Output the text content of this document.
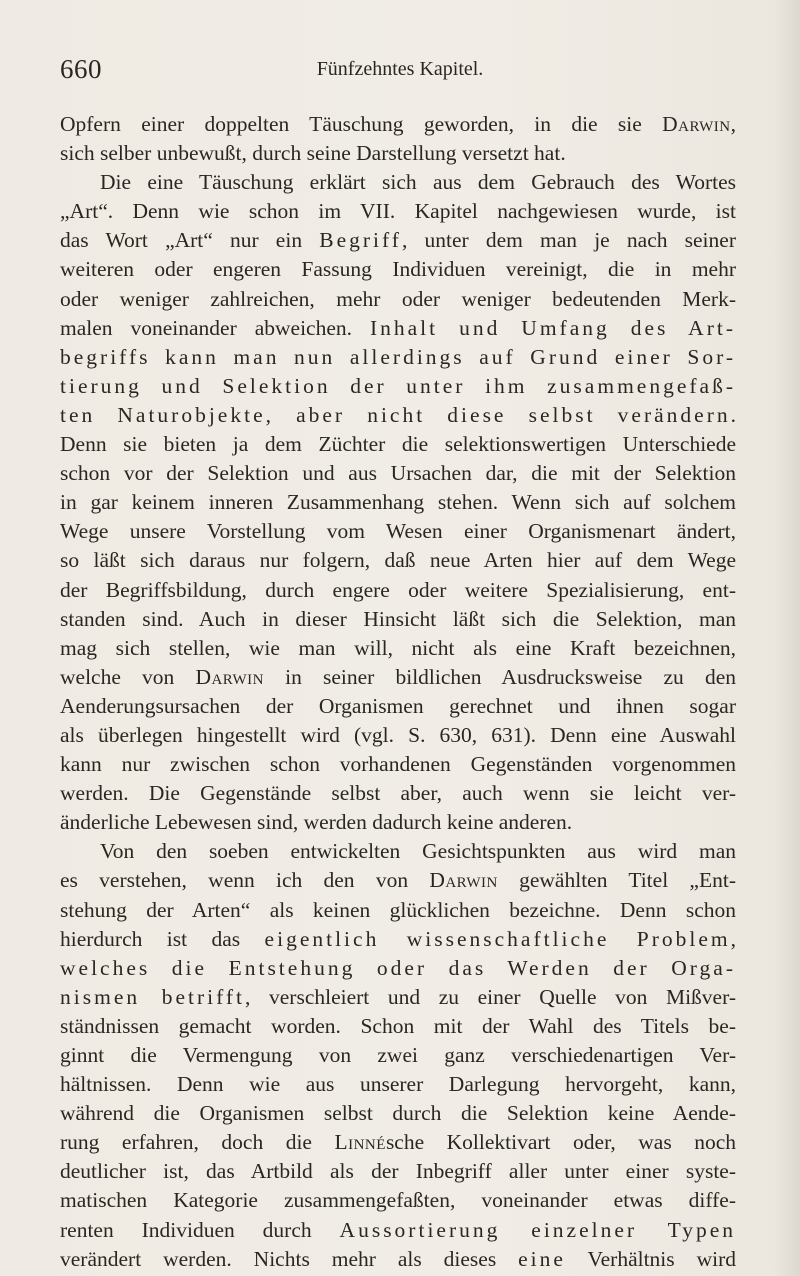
660	Fünfzehntes Kapitel.
Opfern einer doppelten Täuschung geworden, in die sie Darwin,
sich selber unbewußt, durch seine Darstellung versetzt hat.
Die eine Täuschung erklärt sich aus dem Gebrauch des Wortes
„Art“. Denn wie schon im VII. Kapitel nachgewiesen wurde, ist
das Wort „Art“ nur ein Begriff, unter dem man je nach seiner
weiteren oder engeren Fassung Individuen vereinigt, die in mehr
oder weniger zahlreichen, mehr oder weniger bedeutenden Merk-
malen voneinander abweichen. Inhalt und Umfang des Art-
begriffs kann man nun allerdings auf Grund einer Sor-
tierung und Selektion der unter ihm zusammengefaß-
ten Naturobjekte, aber nicht diese selbst verändern.
Denn sie bieten ja dem Züchter die selektionswertigen Unterschiede
schon vor der Selektion und aus Ursachen dar, die mit der Selektion
in gar keinem inneren Zusammenhang stehen. Wenn sich auf solchem
Wege unsere Vorstellung vom Wesen einer Organismenart ändert,
so läßt sich daraus nur folgern, daß neue Arten hier auf dem Wege
der Begriffsbildung, durch engere oder weitere Spezialisierung, ent-
standen sind. Auch in dieser Hinsicht läßt sich die Selektion, man
mag sich stellen, wie man will, nicht als eine Kraft bezeichnen,
welche von Darwin in seiner bildlichen Ausdrucksweise zu den
Aenderungsursachen der Organismen gerechnet und ihnen sogar
als überlegen hingestellt wird (vgl. S. 630, 631). Denn eine Auswahl
kann nur zwischen schon vorhandenen Gegenständen vorgenommen
werden. Die Gegenstände selbst aber, auch wenn sie leicht ver-
änderliche Lebewesen sind, werden dadurch keine anderen.
Von den soeben entwickelten Gesichtspunkten aus wird man
es verstehen, wenn ich den von Darwin gewählten Titel „Ent-
stehung der Arten“ als keinen glücklichen bezeichne. Denn schon
hierdurch ist das eigentlich wissenschaftliche Problem,
welches die Entstehung oder das Werden der Orga-
nismen betrifft, verschleiert und zu einer Quelle von Mißver-
ständnissen gemacht worden. Schon mit der Wahl des Titels be-
ginnt die Vermengung von zwei ganz verschiedenartigen Ver-
hältnissen. Denn wie aus unserer Darlegung hervorgeht, kann,
während die Organismen selbst durch die Selektion keine Aende-
rung erfahren, doch die Linnésche Kollektivart oder, was noch
deutlicher ist, das Artbild als der Inbegriff aller unter einer syste-
matischen Kategorie zusammengefaßten, voneinander etwas diffe-
renten Individuen durch Aussortierung einzelner Typen
verändert werden. Nichts mehr als dieses eine Verhältnis wird
